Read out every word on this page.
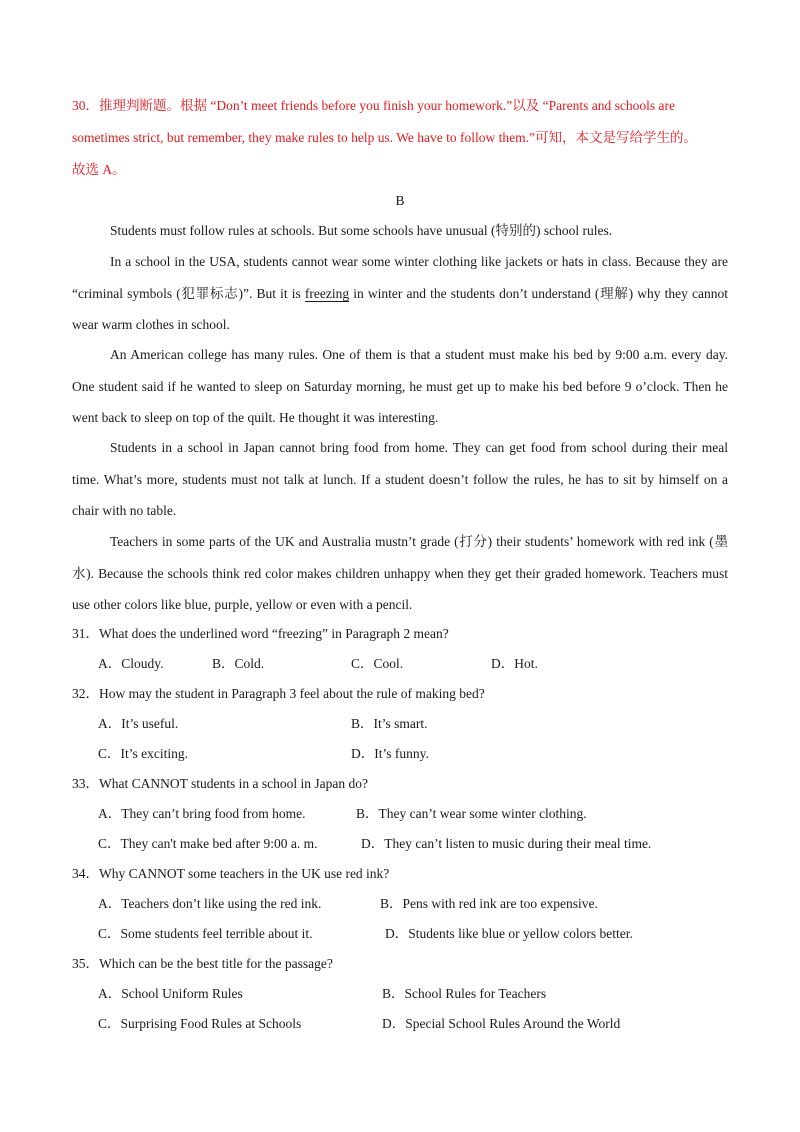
30．推理判断题。根据 “Don’t meet friends before you finish your homework.”以及 “Parents and schools are

sometimes strict, but remember, they make rules to help us. We have to follow them.”可知，本文是写给学生的。

故选 A。

B

Students must follow rules at schools. But some schools have unusual (特别的) school rules.

In a school in the USA, students cannot wear some winter clothing like jackets or hats in class. Because they are “criminal symbols (犯罪标志)”. But it is freezing in winter and the students don’t understand (理解) why they cannot wear warm clothes in school.

An American college has many rules. One of them is that a student must make his bed by 9:00 a.m. every day. One student said if he wanted to sleep on Saturday morning, he must get up to make his bed before 9 o’clock. Then he went back to sleep on top of the quilt. He thought it was interesting.

Students in a school in Japan cannot bring food from home. They can get food from school during their meal time. What’s more, students must not talk at lunch. If a student doesn’t follow the rules, he has to sit by himself on a chair with no table.

Teachers in some parts of the UK and Australia mustn’t grade (打分) their students’ homework with red ink (墨水). Because the schools think red color makes children unhappy when they get their graded homework. Teachers must use other colors like blue, purple, yellow or even with a pencil.

31．What does the underlined word “freezing” in Paragraph 2 mean?

A．Cloudy.	B．Cold.	C．Cool.	D．Hot.

32．How may the student in Paragraph 3 feel about the rule of making bed?

A．It’s useful.	B．It’s smart.
C．It’s exciting.	D．It’s funny.

33．What CANNOT students in a school in Japan do?

A．They can’t bring food from home.	B．They can’t wear some winter clothing.
C．They can't make bed after 9:00 a. m.	D．They can’t listen to music during their meal time.

34．Why CANNOT some teachers in the UK use red ink?

A．Teachers don’t like using the red ink.	B．Pens with red ink are too expensive.
C．Some students feel terrible about it.	D．Students like blue or yellow colors better.

35．Which can be the best title for the passage?

A．School Uniform Rules	B．School Rules for Teachers
C．Surprising Food Rules at Schools	D．Special School Rules Around the World
